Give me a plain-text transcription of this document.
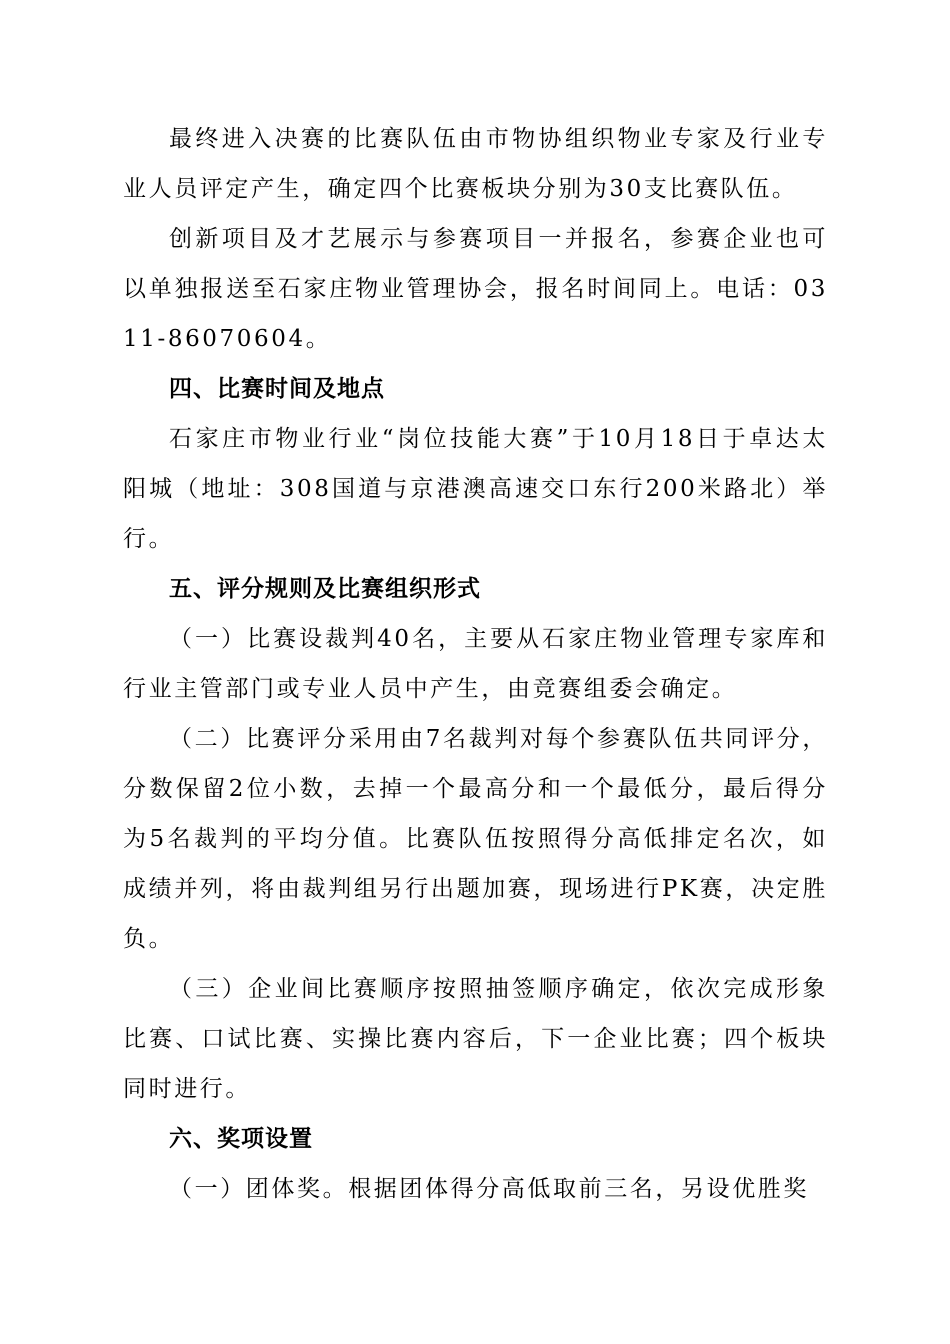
最终进入决赛的比赛队伍由市物协组织物业专家及行业专业人员评定产生，确定四个比赛板块分别为30支比赛队伍。

创新项目及才艺展示与参赛项目一并报名，参赛企业也可以单独报送至石家庄物业管理协会，报名时间同上。电话：0311-86070604。

四、比赛时间及地点

石家庄市物业行业“岗位技能大赛”于10月18日于卓达太阳城（地址：308国道与京港澳高速交口东行200米路北）举行。

五、评分规则及比赛组织形式

（一）比赛设裁判40名，主要从石家庄物业管理专家库和行业主管部门或专业人员中产生，由竞赛组委会确定。

（二）比赛评分采用由7名裁判对每个参赛队伍共同评分，分数保留2位小数，去掉一个最高分和一个最低分，最后得分为5名裁判的平均分值。比赛队伍按照得分高低排定名次，如成绩并列，将由裁判组另行出题加赛，现场进行PK赛，决定胜负。

（三）企业间比赛顺序按照抽签顺序确定，依次完成形象比赛、口试比赛、实操比赛内容后，下一企业比赛；四个板块同时进行。

六、奖项设置

（一）团体奖。根据团体得分高低取前三名，另设优胜奖
